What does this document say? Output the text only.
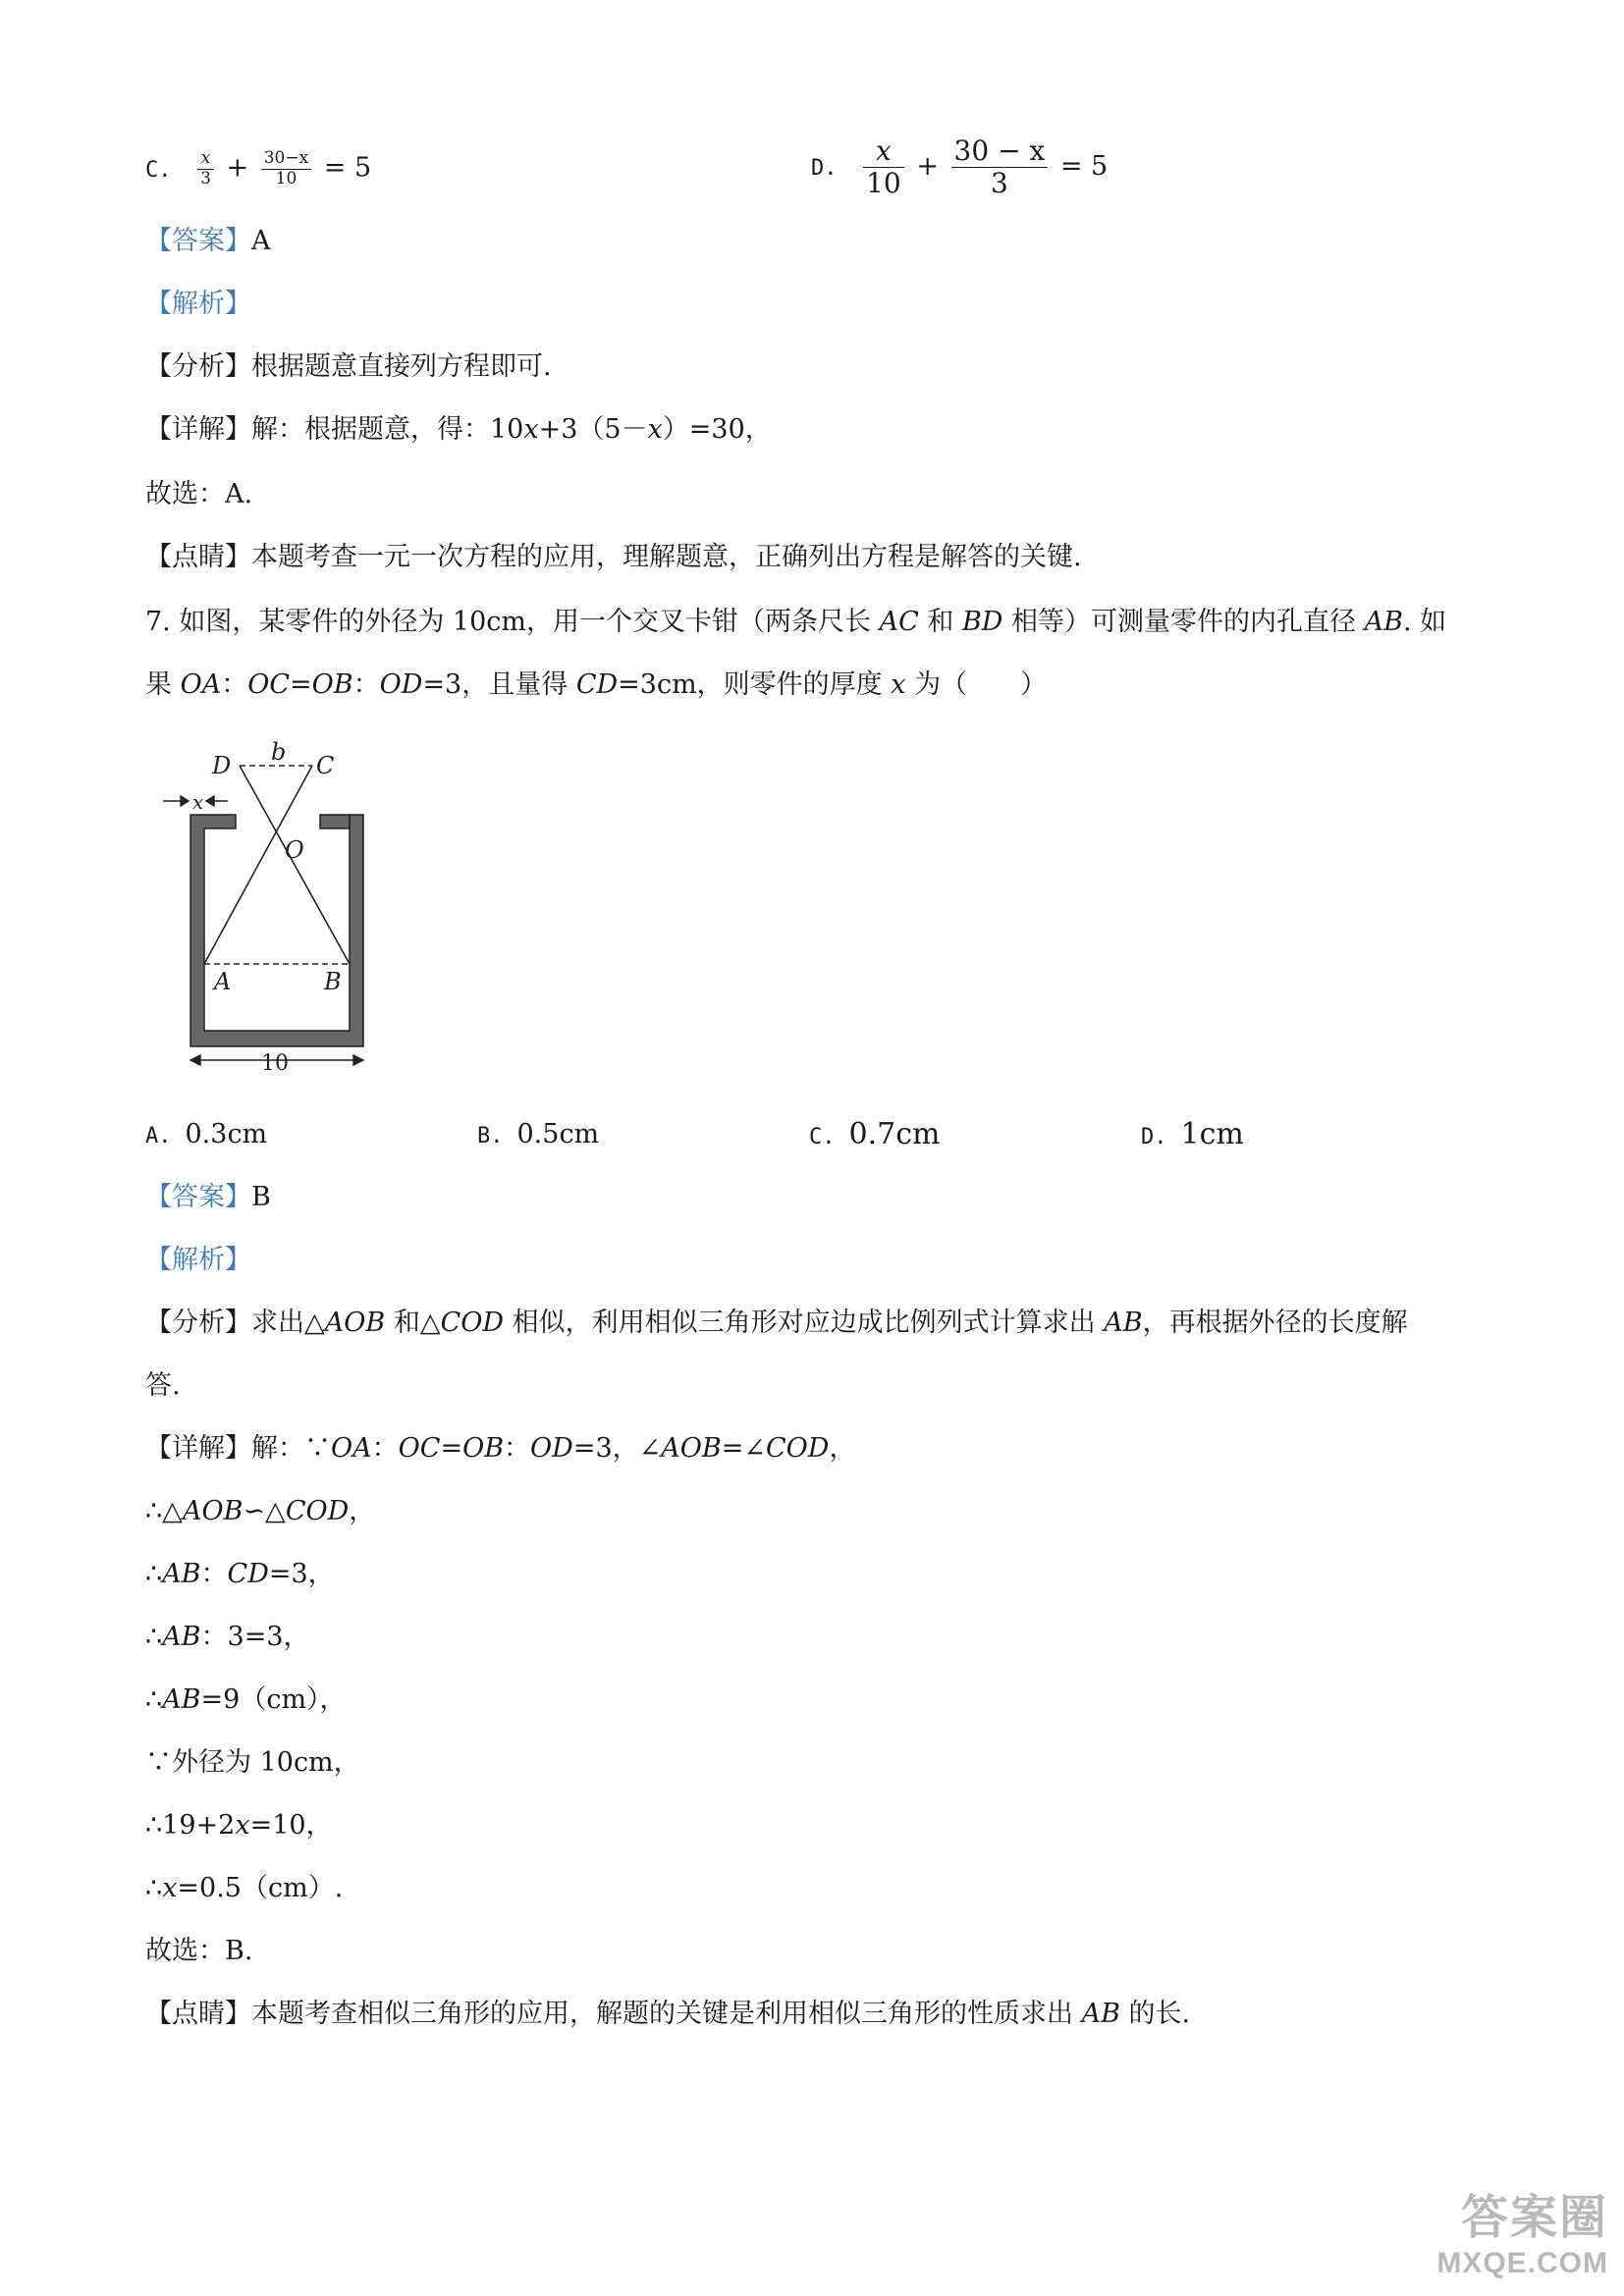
C. $\frac{x}{3} + \frac{30-x}{10} = 5$	D. $\frac{x}{10} + \frac{30 - x}{3} = 5$
【答案】A
【解析】
【分析】根据题意直接列方程即可.
【详解】解：根据题意，得：10x+3（5－x）=30，
故选：A.
【点睛】本题考查一元一次方程的应用，理解题意，正确列出方程是解答的关键.
7. 如图，某零件的外径为 10cm，用一个交叉卡钳（两条尺长 AC 和 BD 相等）可测量零件的内孔直径 AB. 如
果 OA：OC=OB：OD=3，且量得 CD=3cm，则零件的厚度 x 为（　　）
D b C
x
O
A	B
10
A. 0.3cm	B. 0.5cm	C. 0.7cm	D. 1cm
【答案】B
【解析】
【分析】求出△AOB 和△COD 相似，利用相似三角形对应边成比例列式计算求出 AB，再根据外径的长度解
答.
【详解】解：∵OA：OC=OB：OD=3，∠AOB=∠COD，
∴△AOB∽△COD，
∴AB：CD=3，
∴AB：3=3，
∴AB=9（cm），
∵外径为 10cm，
∴19+2x=10，
∴x=0.5（cm）.
故选：B.
【点睛】本题考查相似三角形的应用，解题的关键是利用相似三角形的性质求出 AB 的长.
答案圈
MXQE.COM
